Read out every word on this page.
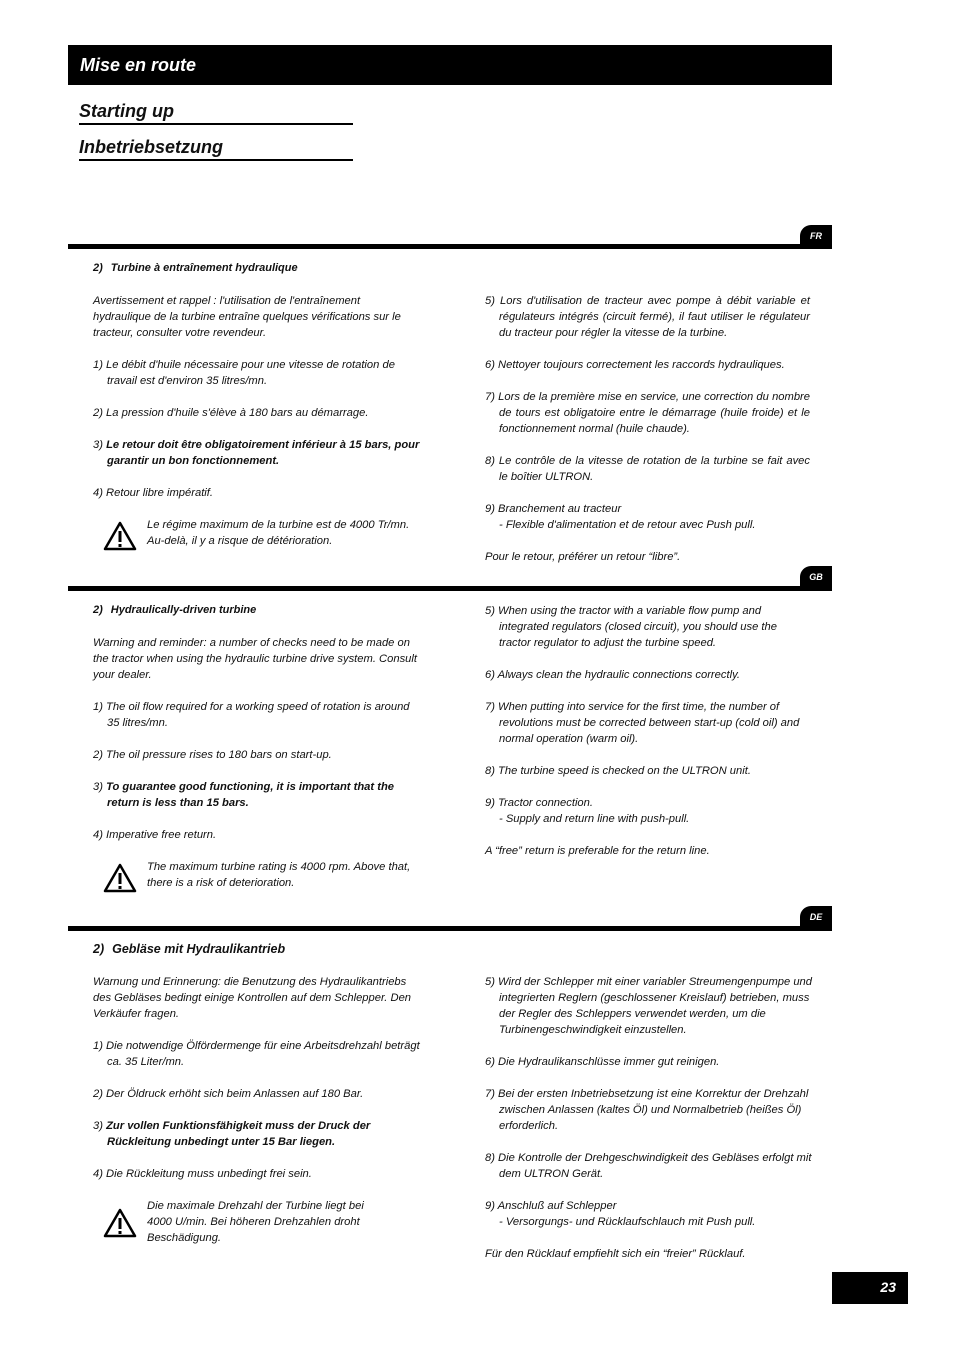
Mise en route
Starting up
Inbetriebsetzung
FR
2) Turbine à entraînement hydraulique

Avertissement et rappel : l'utilisation de l'entraînement hydraulique de la turbine entraîne quelques vérifications sur le tracteur, consulter votre revendeur.

1) Le débit d'huile nécessaire pour une vitesse de rotation de travail est d'environ 35 litres/mn.

2) La pression d'huile s'élève à 180 bars au démarrage.

3) Le retour doit être obligatoirement inférieur à 15 bars, pour garantir un bon fonctionnement.

4) Retour libre impératif.

Le régime maximum de la turbine est de 4000 Tr/mn. Au-delà, il y a risque de détérioration.

5) Lors d'utilisation de tracteur avec pompe à débit variable et régulateurs intégrés (circuit fermé), il faut utiliser le régulateur du tracteur pour régler la vitesse de la turbine.

6) Nettoyer toujours correctement les raccords hydrauliques.

7) Lors de la première mise en service, une correction du nombre de tours est obligatoire entre le démarrage (huile froide) et le fonctionnement normal (huile chaude).

8) Le contrôle de la vitesse de rotation de la turbine se fait avec le boîtier ULTRON.

9) Branchement au tracteur
- Flexible d'alimentation et de retour avec Push pull.

Pour le retour, préférer un retour “libre”.

GB
2) Hydraulically-driven turbine

Warning and reminder: a number of checks need to be made on the tractor when using the hydraulic turbine drive system. Consult your dealer.

1) The oil flow required for a working speed of rotation is around 35 litres/mn.

2) The oil pressure rises to 180 bars on start-up.

3) To guarantee good functioning, it is important that the return is less than 15 bars.

4) Imperative free return.

The maximum turbine rating is 4000 rpm. Above that, there is a risk of deterioration.

5) When using the tractor with a variable flow pump and integrated regulators (closed circuit), you should use the tractor regulator to adjust the turbine speed.

6) Always clean the hydraulic connections correctly.

7) When putting into service for the first time, the number of revolutions must be corrected between start-up (cold oil) and normal operation (warm oil).

8) The turbine speed is checked on the ULTRON unit.

9) Tractor connection.
- Supply and return line with push-pull.

A “free” return is preferable for the return line.

DE
2) Gebläse mit Hydraulikantrieb

Warnung und Erinnerung: die Benutzung des Hydraulikantriebs des Gebläses bedingt einige Kontrollen auf dem Schlepper. Den Verkäufer fragen.

1) Die notwendige Ölfördermenge für eine Arbeitsdrehzahl beträgt ca. 35 Liter/mn.

2) Der Öldruck erhöht sich beim Anlassen auf 180 Bar.

3) Zur vollen Funktionsfähigkeit muss der Druck der Rückleitung unbedingt unter 15 Bar liegen.

4) Die Rückleitung muss unbedingt frei sein.

Die maximale Drehzahl der Turbine liegt bei 4000 U/min. Bei höheren Drehzahlen droht Beschädigung.

5) Wird der Schlepper mit einer variabler Streumengenpumpe und integrierten Reglern (geschlossener Kreislauf) betrieben, muss der Regler des Schleppers verwendet werden, um die Turbinengeschwindigkeit einzustellen.

6) Die Hydraulikanschlüsse immer gut reinigen.

7) Bei der ersten Inbetriebsetzung ist eine Korrektur der Drehzahl zwischen Anlassen (kaltes Öl) und Normalbetrieb (heißes Öl) erforderlich.

8) Die Kontrolle der Drehgeschwindigkeit des Gebläses erfolgt mit dem ULTRON Gerät.

9) Anschluß auf Schlepper
- Versorgungs- und Rücklaufschlauch mit Push pull.

Für den Rücklauf empfiehlt sich ein “freier” Rücklauf.

23
